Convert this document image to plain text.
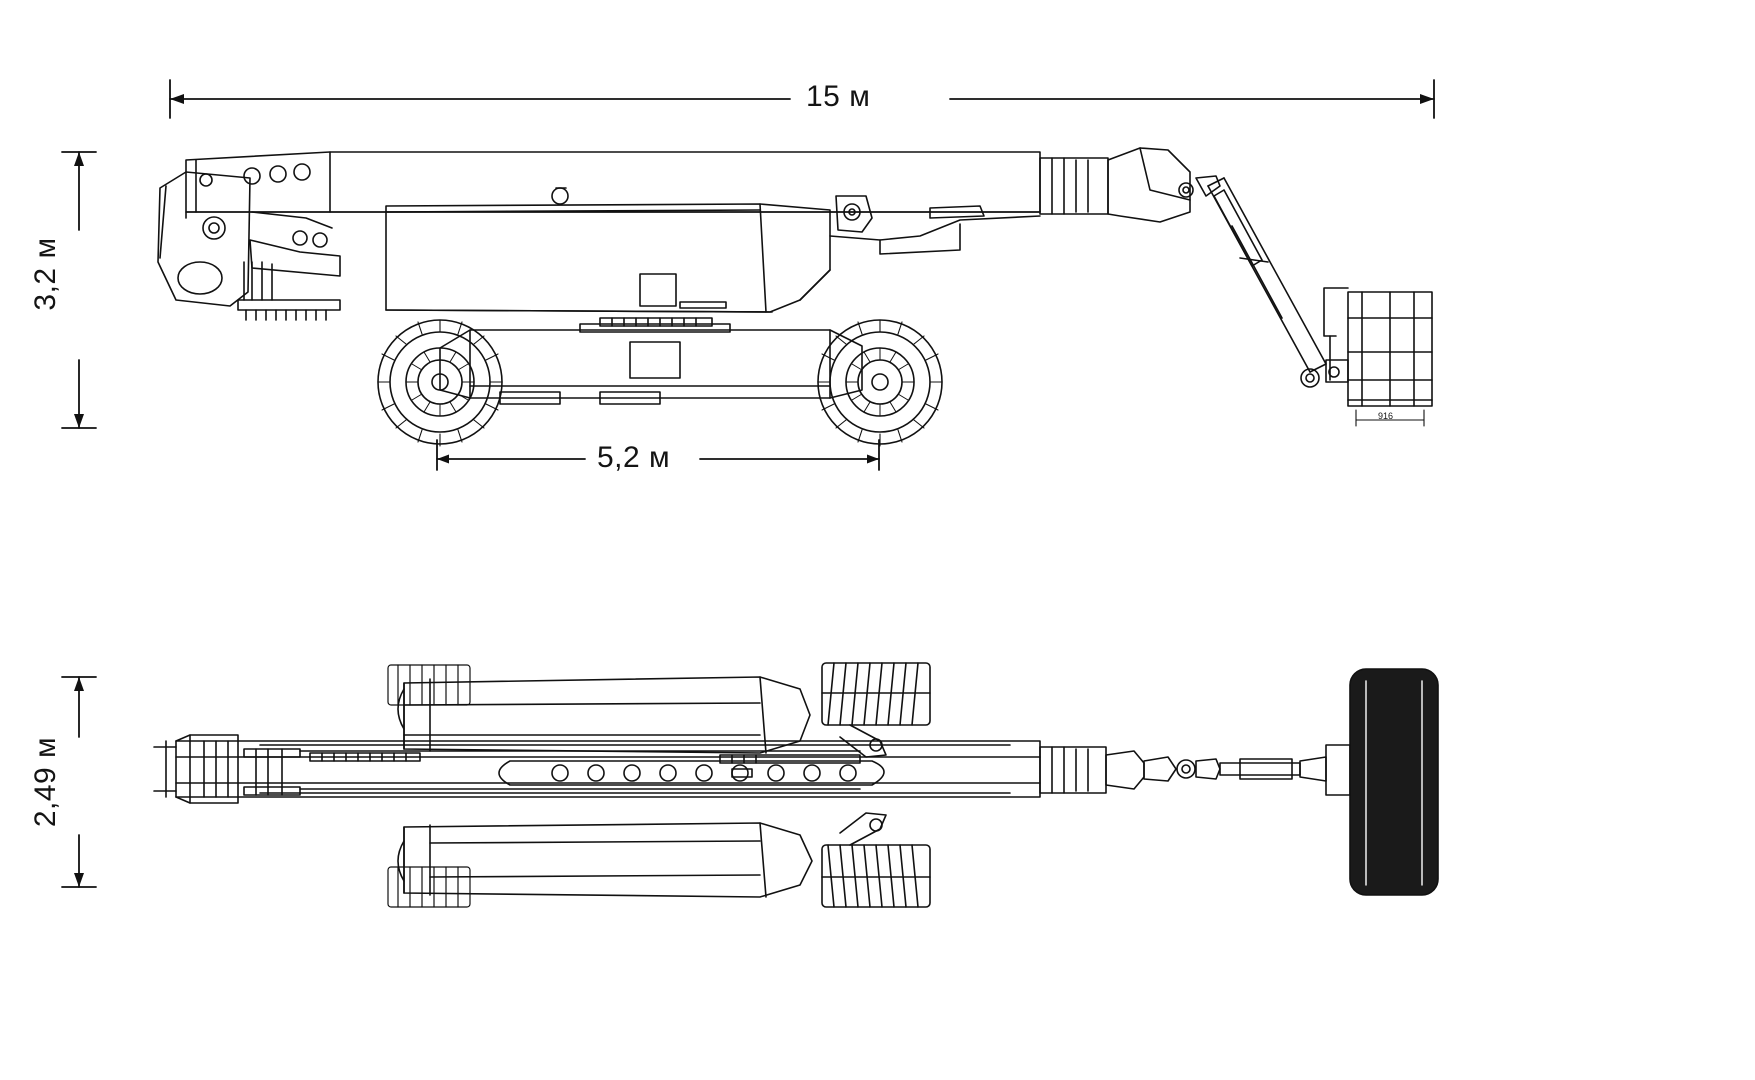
15 м
3,2 м
5,2 м
916
2,49 м
